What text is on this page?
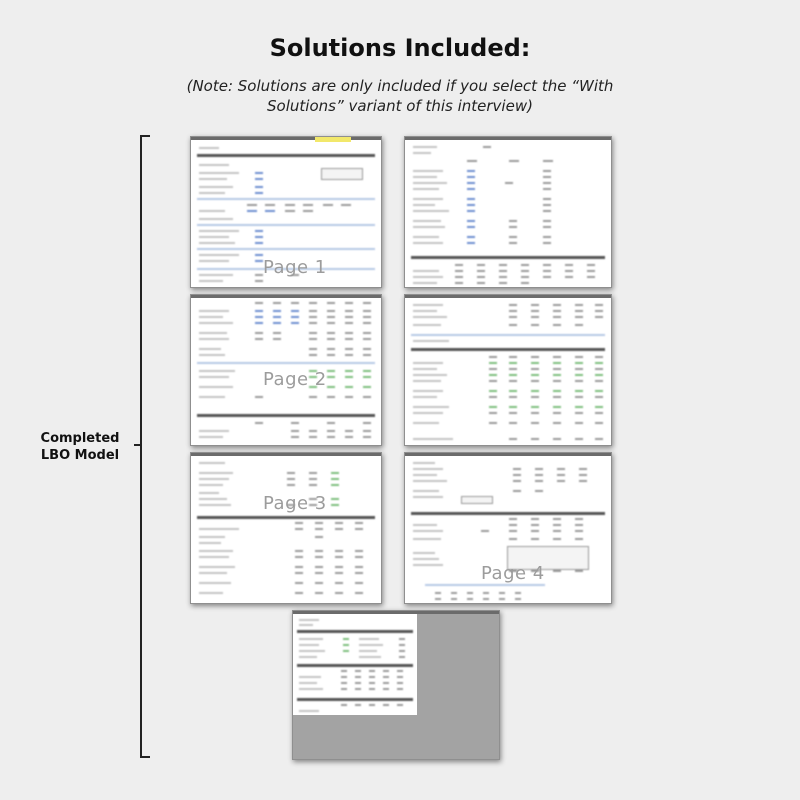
Solutions Included:
(Note: Solutions are only included if you select the “With Solutions” variant of this interview)
Completed LBO Model
Page 1
Page 2
Page 3
Page 4
